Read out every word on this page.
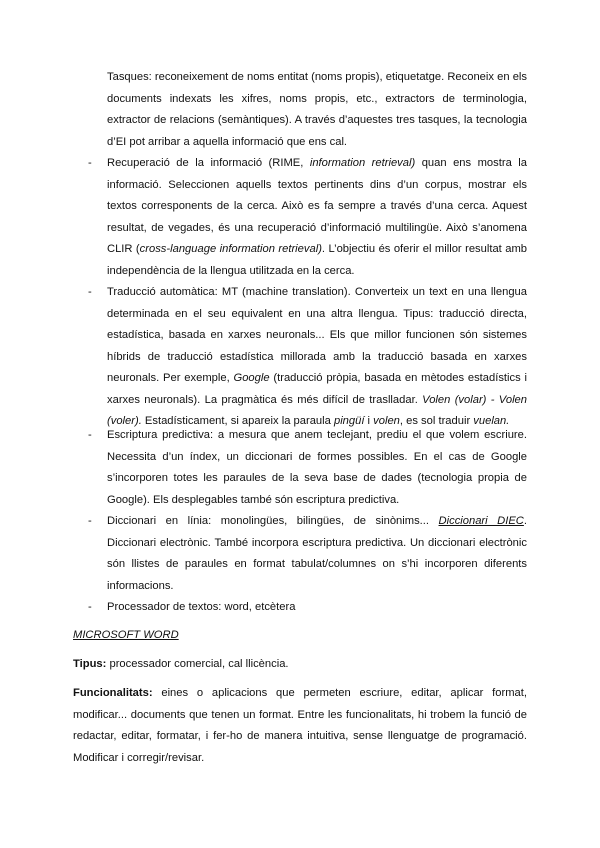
Tasques: reconeixement de noms entitat (noms propis), etiquetatge. Reconeix en els documents indexats les xifres, noms propis, etc., extractors de terminologia, extractor de relacions (semàntiques). A través d’aquestes tres tasques, la tecnologia d’EI pot arribar a aquella informació que ens cal.

- Recuperació de la informació (RIME, information retrieval) quan ens mostra la informació. Seleccionen aquells textos pertinents dins d’un corpus, mostrar els textos corresponents de la cerca. Això es fa sempre a través d’una cerca. Aquest resultat, de vegades, és una recuperació d’informació multilingüe. Això s’anomena CLIR (cross-language information retrieval). L’objectiu és oferir el millor resultat amb independència de la llengua utilitzada en la cerca.

- Traducció automàtica: MT (machine translation). Converteix un text en una llengua determinada en el seu equivalent en una altra llengua. Tipus: traducció directa, estadística, basada en xarxes neuronals... Els que millor funcionen són sistemes híbrids de traducció estadística millorada amb la traducció basada en xarxes neuronals. Per exemple, Google (traducció pròpia, basada en mètodes estadístics i xarxes neuronals). La pragmàtica és més difícil de traslladar. Volen (volar) - Volen (voler). Estadísticament, si apareix la paraula pingüí i volen, es sol traduir vuelan.

- Escriptura predictiva: a mesura que anem teclejant, prediu el que volem escriure. Necessita d’un índex, un diccionari de formes possibles. En el cas de Google s’incorporen totes les paraules de la seva base de dades (tecnologia propia de Google). Els desplegables també són escriptura predictiva.

- Diccionari en línia: monolingües, bilingües, de sinònims... Diccionari DIEC. Diccionari electrònic. També incorpora escriptura predictiva. Un diccionari electrònic són llistes de paraules en format tabulat/columnes on s’hi incorporen diferents informacions.

- Processador de textos: word, etcètera

MICROSOFT WORD

Tipus: processador comercial, cal llicència.

Funcionalitats: eines o aplicacions que permeten escriure, editar, aplicar format, modificar... documents que tenen un format. Entre les funcionalitats, hi trobem la funció de redactar, editar, formatar, i fer-ho de manera intuitiva, sense llenguatge de programació. Modificar i corregir/revisar.
